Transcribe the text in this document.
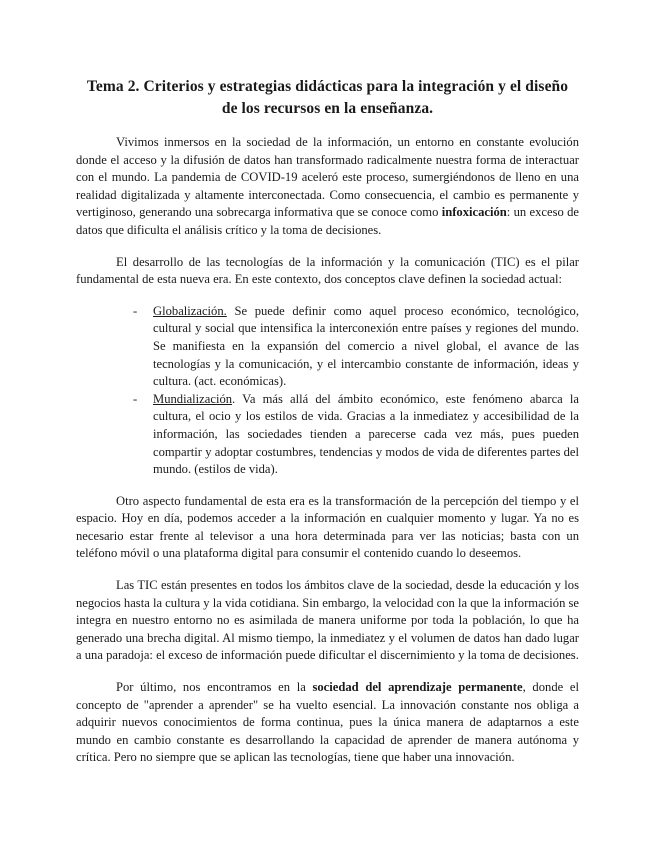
Tema 2. Criterios y estrategias didácticas para la integración y el diseño
de los recursos en la enseñanza.

Vivimos inmersos en la sociedad de la información, un entorno en constante evolución donde el acceso y la difusión de datos han transformado radicalmente nuestra forma de interactuar con el mundo. La pandemia de COVID-19 aceleró este proceso, sumergiéndonos de lleno en una realidad digitalizada y altamente interconectada. Como consecuencia, el cambio es permanente y vertiginoso, generando una sobrecarga informativa que se conoce como infoxicación: un exceso de datos que dificulta el análisis crítico y la toma de decisiones.

El desarrollo de las tecnologías de la información y la comunicación (TIC) es el pilar fundamental de esta nueva era. En este contexto, dos conceptos clave definen la sociedad actual:

- Globalización. Se puede definir como aquel proceso económico, tecnológico, cultural y social que intensifica la interconexión entre países y regiones del mundo. Se manifiesta en la expansión del comercio a nivel global, el avance de las tecnologías y la comunicación, y el intercambio constante de información, ideas y cultura. (act. económicas).
- Mundialización. Va más allá del ámbito económico, este fenómeno abarca la cultura, el ocio y los estilos de vida. Gracias a la inmediatez y accesibilidad de la información, las sociedades tienden a parecerse cada vez más, pues pueden compartir y adoptar costumbres, tendencias y modos de vida de diferentes partes del mundo. (estilos de vida).

Otro aspecto fundamental de esta era es la transformación de la percepción del tiempo y el espacio. Hoy en día, podemos acceder a la información en cualquier momento y lugar. Ya no es necesario estar frente al televisor a una hora determinada para ver las noticias; basta con un teléfono móvil o una plataforma digital para consumir el contenido cuando lo deseemos.

Las TIC están presentes en todos los ámbitos clave de la sociedad, desde la educación y los negocios hasta la cultura y la vida cotidiana. Sin embargo, la velocidad con la que la información se integra en nuestro entorno no es asimilada de manera uniforme por toda la población, lo que ha generado una brecha digital. Al mismo tiempo, la inmediatez y el volumen de datos han dado lugar a una paradoja: el exceso de información puede dificultar el discernimiento y la toma de decisiones.

Por último, nos encontramos en la sociedad del aprendizaje permanente, donde el concepto de "aprender a aprender" se ha vuelto esencial. La innovación constante nos obliga a adquirir nuevos conocimientos de forma continua, pues la única manera de adaptarnos a este mundo en cambio constante es desarrollando la capacidad de aprender de manera autónoma y crítica. Pero no siempre que se aplican las tecnologías, tiene que haber una innovación.
